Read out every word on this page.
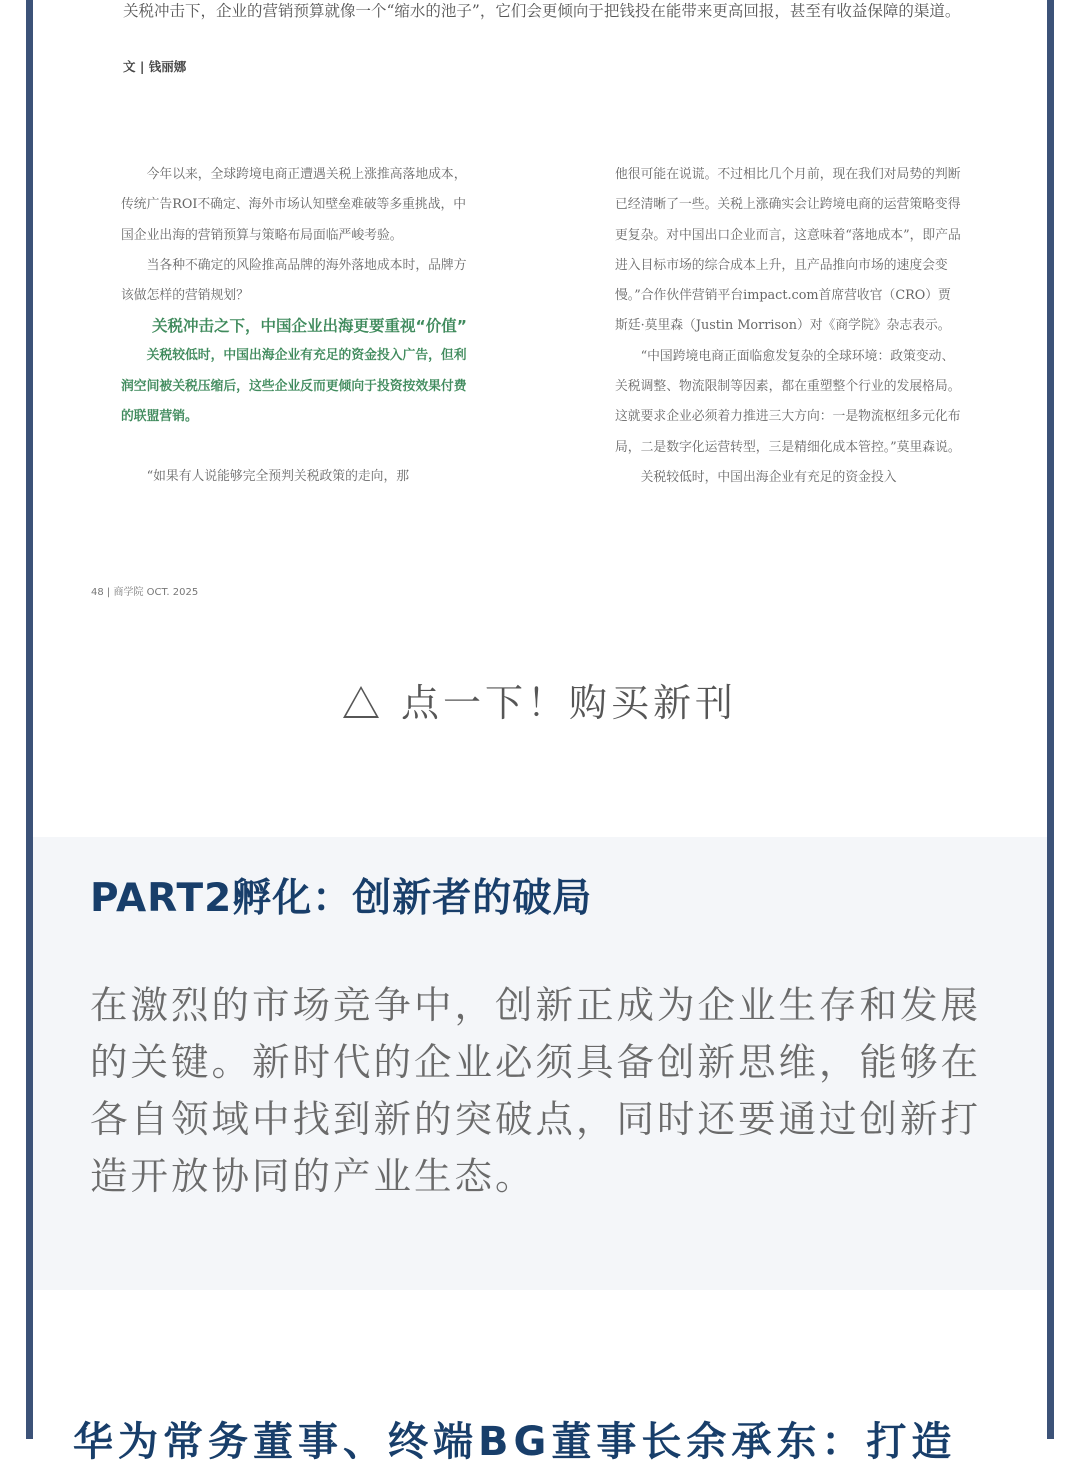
关税冲击下，企业的营销预算就像一个“缩水的池子”，它们会更倾向于把钱投在能带来更高回报，甚至有收益保障的渠道。
文 | 钱丽娜

今年以来，全球跨境电商正遭遇关税上涨推高落地成本，传统广告ROI不确定、海外市场认知壁垒难破等多重挑战，中国企业出海的营销预算与策略布局面临严峻考验。

当各种不确定的风险推高品牌的海外落地成本时，品牌方该做怎样的营销规划？

关税冲击之下，中国企业出海更要重视“价值”

关税较低时，中国出海企业有充足的资金投入广告，但利润空间被关税压缩后，这些企业反而更倾向于投资按效果付费的联盟营销。

“如果有人说能够完全预判关税政策的走向，那

他很可能在说谎。不过相比几个月前，现在我们对局势的判断已经清晰了一些。关税上涨确实会让跨境电商的运营策略变得更复杂。对中国出口企业而言，这意味着“落地成本”，即产品进入目标市场的综合成本上升，且产品推向市场的速度会变慢。”合作伙伴营销平台impact.com首席营收官（CRO）贾斯廷·莫里森（Justin Morrison）对《商学院》杂志表示。

“中国跨境电商正面临愈发复杂的全球环境：政策变动、关税调整、物流限制等因素，都在重塑整个行业的发展格局。这就要求企业必须着力推进三大方向：一是物流枢纽多元化布局，二是数字化运营转型，三是精细化成本管控。”莫里森说。

关税较低时，中国出海企业有充足的资金投入

48 | 商学院 OCT. 2025
点一下！购买新刊
PART2孵化：创新者的破局
在激烈的市场竞争中，创新正成为企业生存和发展的关键。新时代的企业必须具备创新思维，能够在各自领域中找到新的突破点，同时还要通过创新打造开放协同的产业生态。
华为常务董事、终端BG董事长余承东：打造
